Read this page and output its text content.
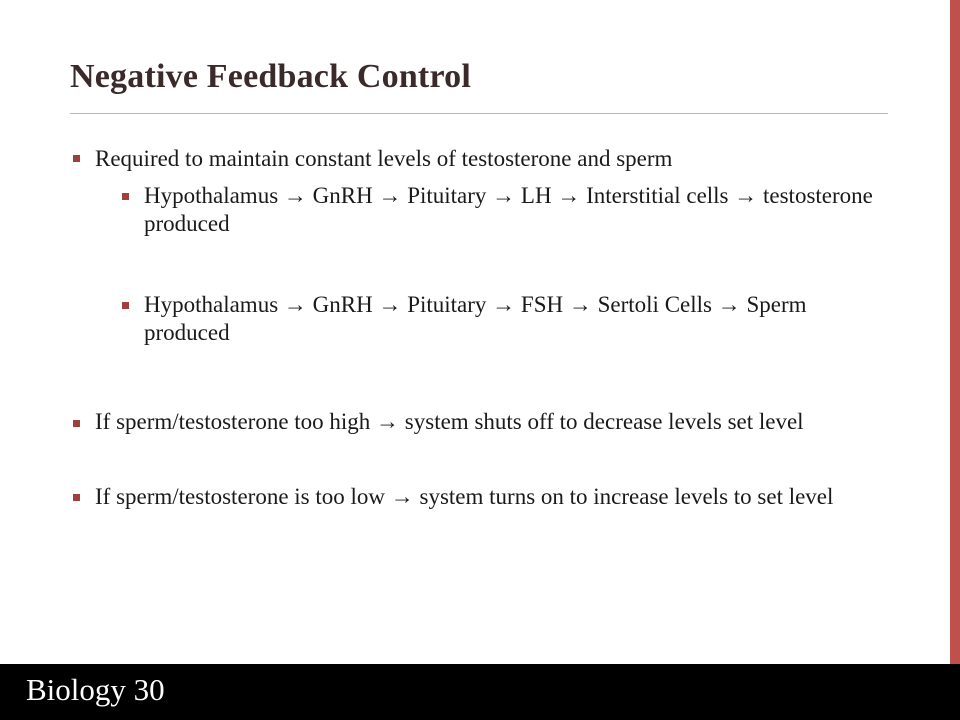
Negative Feedback Control
Required to maintain constant levels of testosterone and sperm
Hypothalamus → GnRH → Pituitary → LH → Interstitial cells → testosterone produced
Hypothalamus → GnRH → Pituitary → FSH → Sertoli Cells → Sperm produced
If sperm/testosterone too high → system shuts off to decrease levels set level
If sperm/testosterone is too low → system turns on to increase levels to set level
Biology 30
